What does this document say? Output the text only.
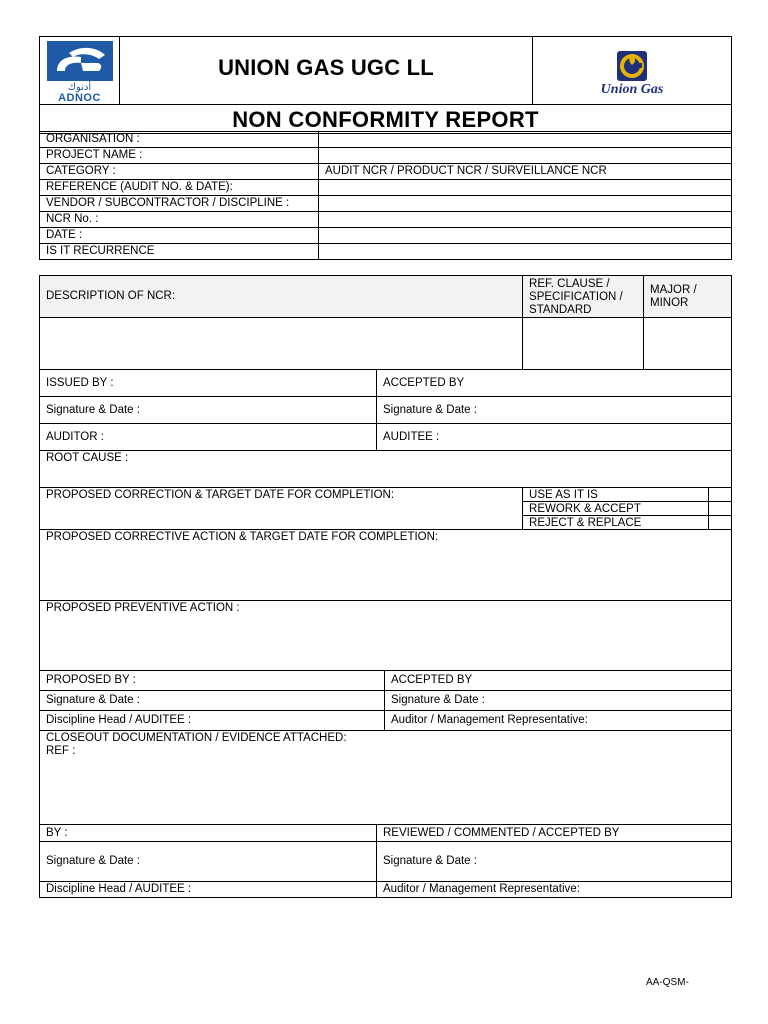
أدنوك
ADNOC
	UNION GAS UGC LL	
Union Gas

NON CONFORMITY REPORT

ORGANISATION :	
PROJECT NAME :	
CATEGORY :	AUDIT NCR / PRODUCT NCR / SURVEILLANCE NCR
REFERENCE (AUDIT NO. & DATE):	
VENDOR / SUBCONTRACTOR / DISCIPLINE :	
NCR No. :	
DATE :	
IS IT RECURRENCE	
DESCRIPTION OF NCR:			REF. CLAUSE / SPECIFICATION / STANDARD	MAJOR / MINOR	

ISSUED BY :	ACCEPTED BY				
Signature & Date :	Signature & Date :				
AUDITOR :	AUDITEE :				

ROOT CAUSE :					

PROPOSED CORRECTION & TARGET DATE FOR COMPLETION:			USE AS IT IS		
			REWORK & ACCEPT		
			REJECT & REPLACE		

PROPOSED CORRECTIVE ACTION & TARGET DATE FOR COMPLETION:					

PROPOSED PREVENTIVE ACTION :					

PROPOSED BY :		ACCEPTED BY			
Signature & Date :		Signature & Date :			
Discipline Head / AUDITEE :		Auditor / Management Representative:			

CLOSEOUT DOCUMENTATION / EVIDENCE ATTACHED:
REF :					

BY :	REVIEWED / COMMENTED / ACCEPTED BY				
Signature & Date :	Signature & Date :				
Discipline Head / AUDITEE :	Auditor / Management Representative:				
AA-QSM-
